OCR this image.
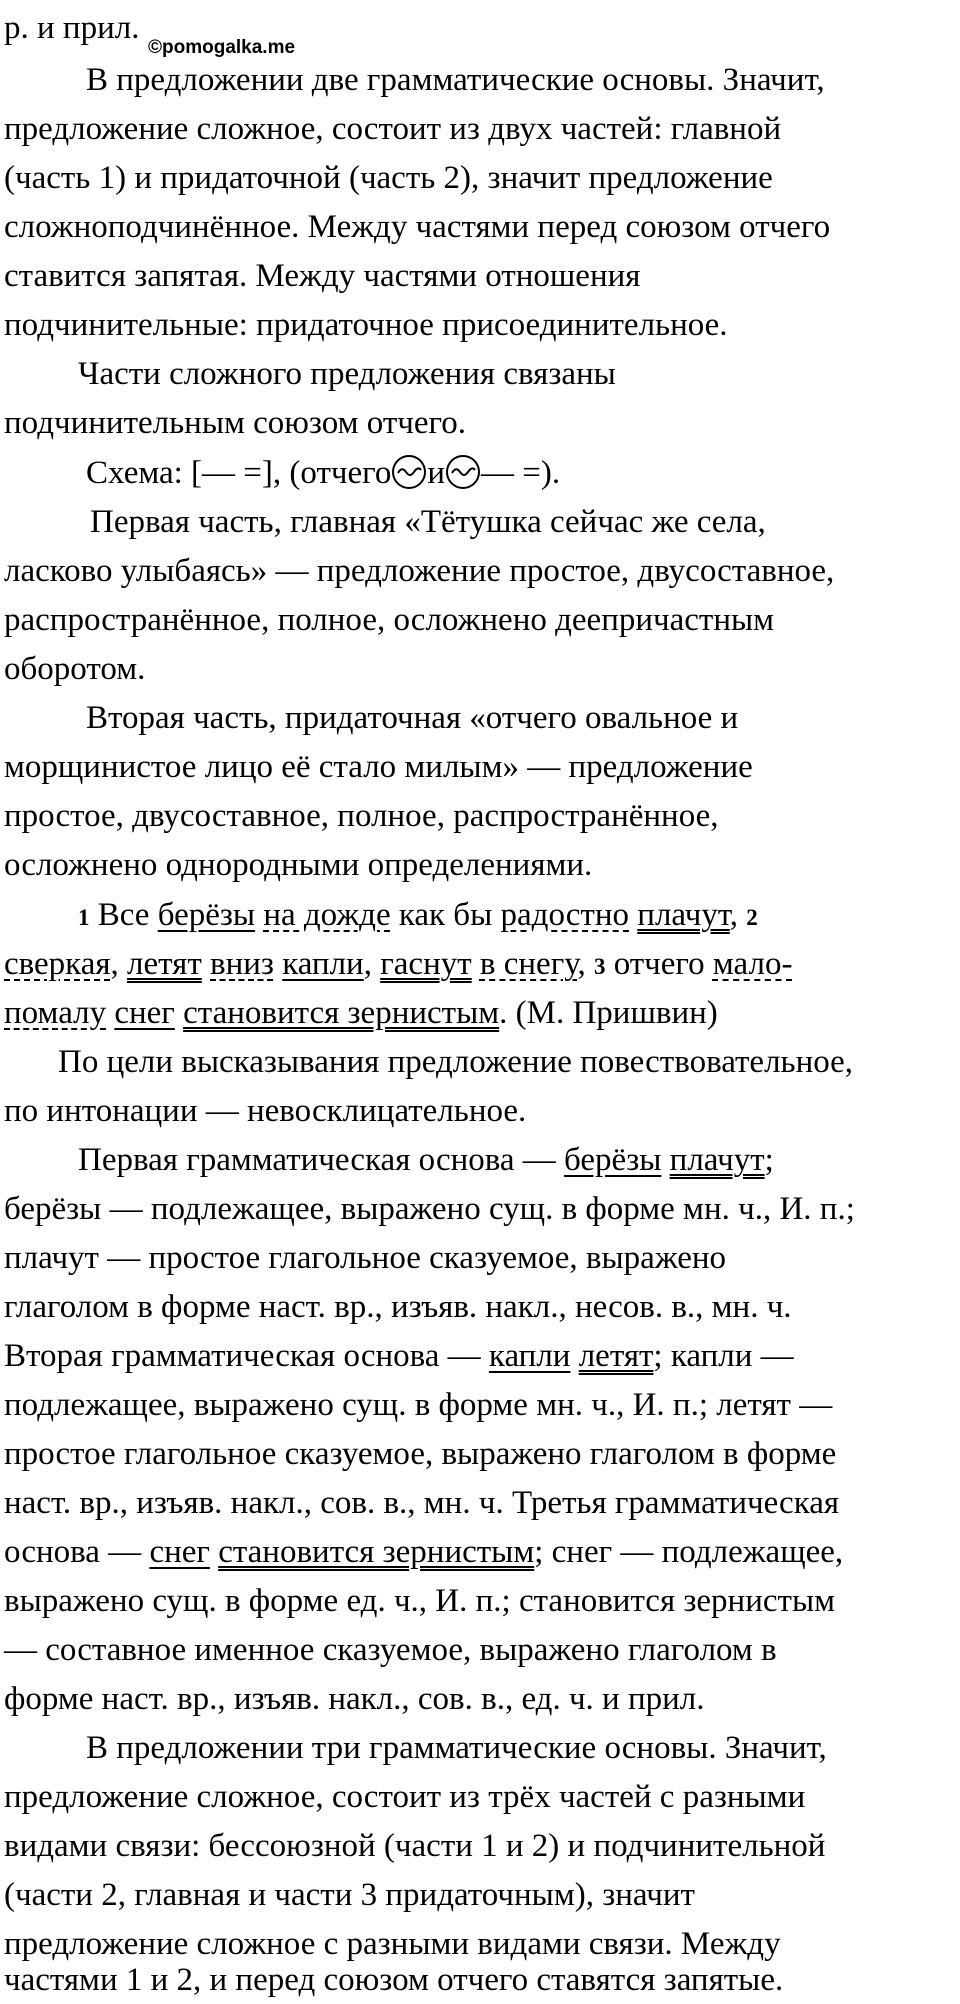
р. и прил.
©pomogalka.me
В предложении две грамматические основы. Значит,
предложение сложное, состоит из двух частей: главной
(часть 1) и придаточной (часть 2), значит предложение
сложноподчинённое. Между частями перед союзом отчего
ставится запятая. Между частями отношения
подчинительные: придаточное присоединительное.
Части сложного предложения связаны
подчинительным союзом отчего.
Схема: [— =], (отчего и — =).
Первая часть, главная «Тётушка сейчас же села,
ласково улыбаясь» — предложение простое, двусоставное,
распространённое, полное, осложнено деепричастным
оборотом.
Вторая часть, придаточная «отчего овальное и
морщинистое лицо её стало милым» — предложение
простое, двусоставное, полное, распространённое,
осложнено однородными определениями.
1 Все берёзы на дожде как бы радостно плачут, 2
сверкая, летят вниз капли, гаснут в снегу, 3 отчего мало-
помалу снег становится зернистым. (М. Пришвин)
По цели высказывания предложение повествовательное,
по интонации — невосклицательное.
Первая грамматическая основа — берёзы плачут;
берёзы — подлежащее, выражено сущ. в форме мн. ч., И. п.;
плачут — простое глагольное сказуемое, выражено
глаголом в форме наст. вр., изъяв. накл., несов. в., мн. ч.
Вторая грамматическая основа — капли летят; капли —
подлежащее, выражено сущ. в форме мн. ч., И. п.; летят —
простое глагольное сказуемое, выражено глаголом в форме
наст. вр., изъяв. накл., сов. в., мн. ч. Третья грамматическая
основа — снег становится зернистым; снег — подлежащее,
выражено сущ. в форме ед. ч., И. п.; становится зернистым
— составное именное сказуемое, выражено глаголом в
форме наст. вр., изъяв. накл., сов. в., ед. ч. и прил.
В предложении три грамматические основы. Значит,
предложение сложное, состоит из трёх частей с разными
видами связи: бессоюзной (части 1 и 2) и подчинительной
(части 2, главная и части 3 придаточным), значит
предложение сложное с разными видами связи. Между
частями 1 и 2, и перед союзом отчего ставятся запятые.
